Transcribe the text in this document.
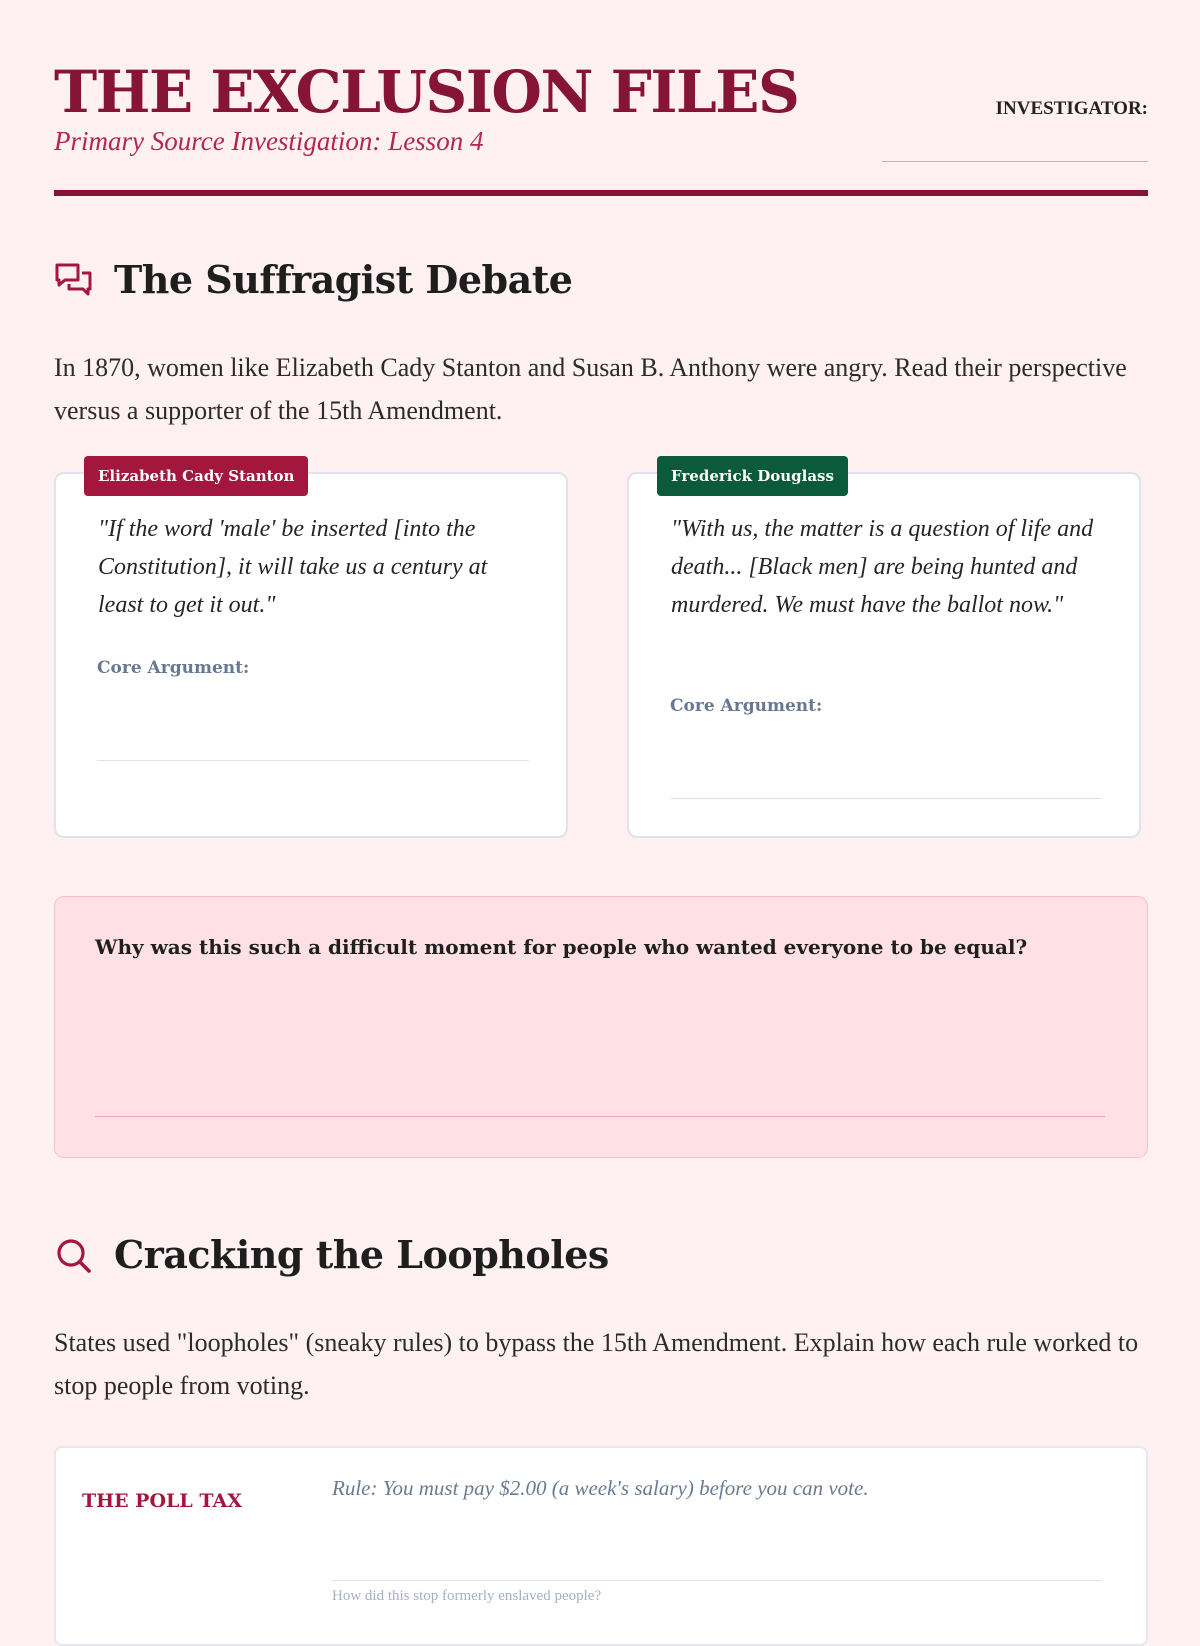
THE EXCLUSION FILES
Primary Source Investigation: Lesson 4
INVESTIGATOR:
The Suffragist Debate
In 1870, women like Elizabeth Cady Stanton and Susan B. Anthony were angry. Read their perspective versus a supporter of the 15th Amendment.
Elizabeth Cady Stanton
"If the word 'male' be inserted [into the Constitution], it will take us a century at least to get it out."
Core Argument:
Frederick Douglass
"With us, the matter is a question of life and death... [Black men] are being hunted and murdered. We must have the ballot now."
Core Argument:
Why was this such a difficult moment for people who wanted everyone to be equal?
Cracking the Loopholes
States used "loopholes" (sneaky rules) to bypass the 15th Amendment. Explain how each rule worked to stop people from voting.
THE POLL TAX
Rule: You must pay $2.00 (a week's salary) before you can vote.
How did this stop formerly enslaved people?
